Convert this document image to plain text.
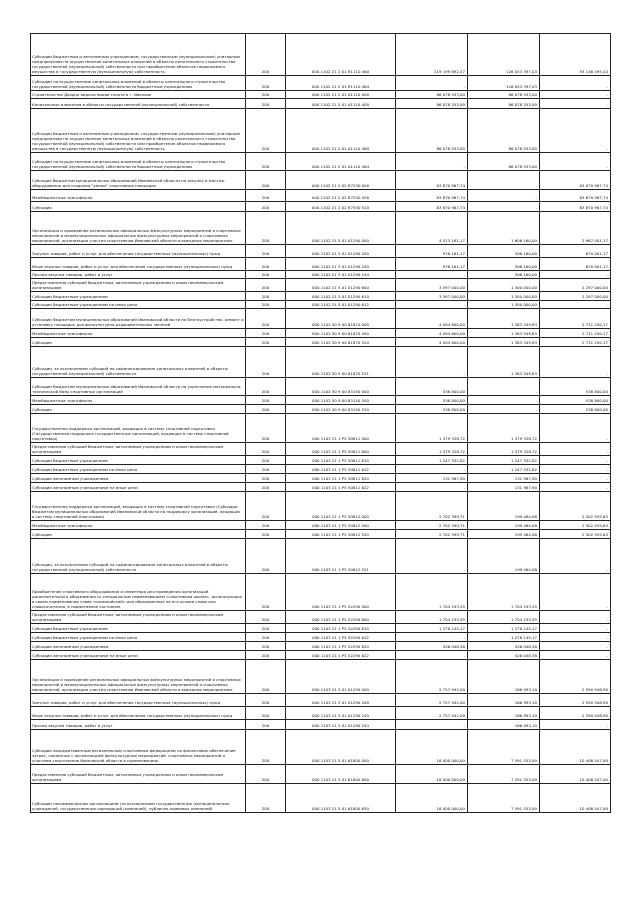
Субсидии бюджетным и автономным учреждениям, государственным (муниципальным) унитарным предприятиям на осуществление капитальных вложений в объекты капитального строительства государственной (муниципальной) собственности или приобретение объектов недвижимого имущества в государственную (муниципальную) собственность	200	000 1102 21 2 01 R1110 460	219 199 892,47	126 053 397,03	93 146 495,44
Субсидии на осуществление капитальных вложений в объекты капитального строительства государственной (муниципальной) собственности бюджетным учреждениям	200	000 1102 21 2 01 R1110 464	-	126 053 397,03	-
Строительство Дворца водных видов спорта в г. Иванове	200	000 1102 21 2 01 A1110 000	86 078 553,00	86 078 553,00	-
Капитальные вложения в объекты государственной (муниципальной) собственности	200	000 1102 21 2 01 A1110 400	86 078 553,00	86 078 553,00	-
Субсидии бюджетным и автономным учреждениям, государственным (муниципальным) унитарным предприятиям на осуществление капитальных вложений в объекты капитального строительства государственной (муниципальной) собственности или приобретение объектов недвижимого имущества в государственную (муниципальную) собственность	200	000 1102 21 2 01 A1110 460	86 078 553,00	86 078 553,00	-
Субсидии на осуществление капитальных вложений в объекты капитального строительства государственной (муниципальной) собственности бюджетным учреждениям	200	000 1102 21 2 01 A1110 464	-	86 078 553,00	-
Субсидия бюджетам муниципальных образований Ивановской области на закупку и монтаж оборудования для создания "умных" спортивных площадок	200	000 1102 21 2 02 R7530 000	83 870 967,74	-	83 870 967,74
Межбюджетные трансферты	200	000 1102 21 2 02 R7530 500	83 870 967,74	-	83 870 967,74
Субсидии	200	000 1102 21 2 02 R7530 520	83 870 967,74	-	83 870 967,74
Организация и проведение региональных официальных физкультурных мероприятий и спортивных мероприятий и межмуниципальных официальных физкультурных мероприятий и спортивных мероприятий, организация участия спортсменов Ивановской области в выездных мероприятиях	200	000 1102 21 3 01 01290 000	4 573 161,17	1 606 160,00	2 967 001,17
Закупка товаров, работ и услуг для обеспечения государственных (муниципальных) нужд	200	000 1102 21 3 01 01290 200	976 161,17	306 160,00	670 001,17
Иные закупки товаров, работ и услуг для обеспечения государственных (муниципальных) нужд	200	000 1102 21 3 01 01290 240	976 161,17	306 160,00	670 001,17
Прочая закупка товаров, работ и услуг	200	000 1102 21 3 01 01290 244	-	306 160,00	-
Предоставление субсидий бюджетным, автономным учреждениям и иным некоммерческим организациям	200	000 1102 21 3 01 01290 600	3 597 000,00	1 300 000,00	2 297 000,00
Субсидии бюджетным учреждениям	200	000 1102 21 3 01 01290 610	3 597 000,00	1 300 000,00	2 297 000,00
Субсидии бюджетным учреждениям на иные цели	200	000 1102 21 3 01 01290 612	-	1 300 000,00	-
Субсидии бюджетам муниципальных образований Ивановской области на благоустройство, ремонт и установку площадок для физкультурно-оздоровительных занятий	200	000 1102 50 9 00 81870 000	4 094 600,00	1 383 349,83	2 711 250,17
Межбюджетные трансферты	200	000 1102 50 9 00 81870 500	4 094 600,00	1 383 349,83	2 711 250,17
Субсидии	200	000 1102 50 9 00 81870 520	4 094 600,00	1 383 349,83	2 711 250,17
Субсидии, за исключением субсидий на софинансирование капитальных вложений в объекты государственной (муниципальной) собственности	200	000 1102 50 9 00 81870 521	-	1 383 349,83	-
Субсидии бюджетам муниципальных образований Ивановской области на укрепление материально-технической базы спортивных организаций	200	000 1102 50 9 00 83150 000	538 800,00	-	538 800,00
Межбюджетные трансферты	200	000 1102 50 9 00 83150 500	538 800,00	-	538 800,00
Субсидии	200	000 1102 50 9 00 83150 520	538 800,00	-	538 800,00
Государственная поддержка организаций, входящих в систему спортивной подготовки (Государственная поддержка государственных организаций, входящих в систему спортивной подготовки)	200	000 1103 21 1 P5 50811 000	1 379 328,72	1 379 328,72	-
Предоставление субсидий бюджетным, автономным учреждениям и иным некоммерческим организациям	200	000 1103 21 1 P5 50811 600	1 379 328,72	1 379 328,72	-
Субсидии бюджетным учреждениям	200	000 1103 21 1 P5 50811 610	1 247 332,82	1 247 332,82	-
Субсидии бюджетным учреждениям на иные цели	200	000 1103 21 1 P5 50811 612	-	1 247 332,82	-
Субсидии автономным учреждениям	200	000 1103 21 1 P5 50811 620	131 967,90	131 967,90	-
Субсидии автономным учреждениям на иные цели	200	000 1103 21 1 P5 50811 622	-	131 967,90	-
Государственная поддержка организаций, входящих в систему спортивной подготовки (Субсидии бюджетам муниципальных образований Ивановской области на поддержку организаций, входящих в систему спортивной подготовки)	200	000 1103 21 1 P5 50812 000	2 702 399,71	199 464,08	2 502 935,63
Межбюджетные трансферты	200	000 1103 21 1 P5 50812 500	2 702 399,71	199 464,08	2 502 935,63
Субсидии	200	000 1103 21 1 P5 50812 520	2 702 399,71	199 464,08	2 502 935,63
Субсидии, за исключением субсидий на софинансирование капитальных вложений в объекты государственной (муниципальной) собственности	200	000 1103 21 1 P5 50812 521	-	199 464,08	-
Приобретение спортивного оборудования и инвентаря для приведения организаций дополнительного образования со специальным наименованием «спортивная школа», использующих в своем наименовании слово «олимпийский» или образованных на его основе слова или словосочетания, в нормативное состояние	200	000 1103 21 1 P5 52290 000	1 704 193,55	1 704 193,55	-
Предоставление субсидий бюджетным, автономным учреждениям и иным некоммерческим организациям	200	000 1103 21 1 P5 52290 600	1 704 193,55	1 704 193,55	-
Субсидии бюджетным учреждениям	200	000 1103 21 1 P5 52290 610	1 278 145,17	1 278 145,17	-
Субсидии бюджетным учреждениям на иные цели	200	000 1103 21 1 P5 52290 612	-	1 278 145,17	-
Субсидии автономным учреждениям	200	000 1103 21 1 P5 52290 620	426 048,38	426 048,38	-
Субсидии автономным учреждениям на иные цели	200	000 1103 21 1 P5 52290 622	-	426 048,38	-
Организация и проведение региональных официальных физкультурных мероприятий и спортивных мероприятий и межмуниципальных официальных физкультурных мероприятий и спортивных мероприятий, организация участия спортсменов Ивановской области в выездных мероприятиях	200	000 1103 21 3 01 01290 000	2 757 942,00	166 993,10	2 590 948,90
Закупка товаров, работ и услуг для обеспечения государственных (муниципальных) нужд	200	000 1103 21 3 01 01290 200	2 757 942,00	166 993,10	2 590 948,90
Иные закупки товаров, работ и услуг для обеспечения государственных (муниципальных) нужд	200	000 1103 21 3 01 01290 240	2 757 942,00	166 993,10	2 590 948,90
Прочая закупка товаров, работ и услуг	200	000 1103 21 3 01 01290 244	-	166 993,10	-
Субсидии аккредитованным региональным спортивным федерациям на финансовое обеспечение затрат, связанных с организацией физкультурных мероприятий, спортивных мероприятий и участием спортсменов Ивановской области в соревнованиях	200	000 1103 21 3 01 61800 000	18 000 000,00	7 591 553,00	10 408 447,00
Предоставление субсидий бюджетным, автономным учреждениям и иным некоммерческим организациям	200	000 1103 21 3 01 61800 600	18 000 000,00	7 591 553,00	10 408 447,00
Субсидии некоммерческим организациям (за исключением государственных (муниципальных) учреждений, государственных корпораций (компаний), публично-правовых компаний)	200	000 1103 21 3 01 61800 630	18 000 000,00	7 591 553,00	10 408 447,00
